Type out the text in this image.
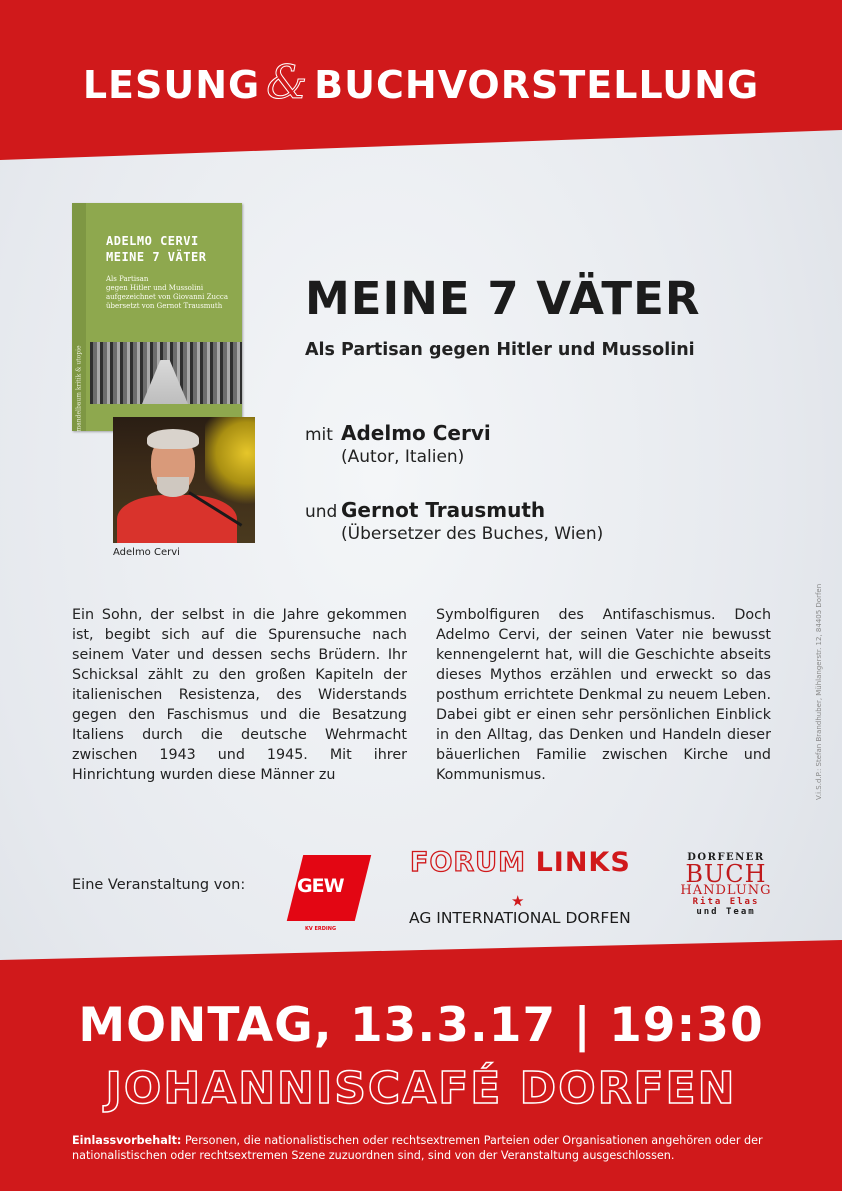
LESUNG & BUCHVORSTELLUNG
mandelbaum kritik & utopie
ADELMO CERVI
MEINE 7 VÄTER
Als Partisan
gegen Hitler und Mussolini
aufgezeichnet von Giovanni Zucca
übersetzt von Gernot Trausmuth
Adelmo Cervi
MEINE 7 VÄTER
Als Partisan gegen Hitler und Mussolini
mit Adelmo Cervi
(Autor, Italien)
und Gernot Trausmuth
(Übersetzer des Buches, Wien)
Ein Sohn, der selbst in die Jahre gekommen ist, begibt sich auf die Spurensuche nach seinem Vater und dessen sechs Brüdern. Ihr Schicksal zählt zu den großen Kapiteln der italienischen Resistenza, des Widerstands gegen den Faschismus und die Besatzung Italiens durch die deutsche Wehrmacht zwischen 1943 und 1945. Mit ihrer Hinrichtung wurden diese Männer zu
Symbolfiguren des Antifaschismus. Doch Adelmo Cervi, der seinen Vater nie bewusst kennengelernt hat, will die Geschichte abseits dieses Mythos erzählen und erweckt so das posthum errichtete Denkmal zu neuem Leben. Dabei gibt er einen sehr persönlichen Einblick in den Alltag, das Denken und Handeln dieser bäuerlichen Familie zwischen Kirche und Kommunismus.	V.i.S.d.P.: Stefan Brandhuber, Mühlangerstr. 12, 84405 Dorfen
Eine Veranstaltung von:	GEW
KV ERDING
FORUM LINKS
★
AG INTERNATIONAL DORFEN
DORFENER
BUCH
HANDLUNG
Rita Elas
und Team
MONTAG, 13.3.17 | 19:30
JOHANNISCAFÉ DORFEN
Einlassvorbehalt: Personen, die nationalistischen oder rechtsextremen Parteien oder Organisationen angehören oder der nationalistischen oder rechtsextremen Szene zuzuordnen sind, sind von der Veranstaltung ausgeschlossen.
